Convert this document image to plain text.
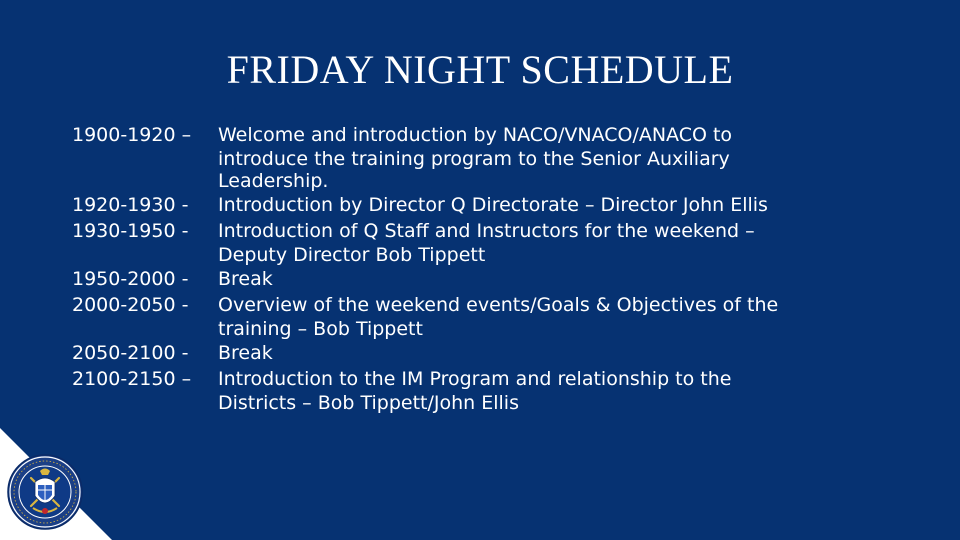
FRIDAY NIGHT SCHEDULE
1900-1920 –	Welcome and introduction by NACO/VNACO/ANACO to
introduce the training program to the Senior Auxiliary
Leadership.
1920-1930 -	Introduction by Director Q Directorate – Director John Ellis
1930-1950 -	Introduction of Q Staff and Instructors for the weekend –
Deputy Director Bob Tippett
1950-2000 -	Break
2000-2050 -	Overview of the weekend events/Goals & Objectives of the
training – Bob Tippett
2050-2100 -	Break
2100-2150 –	Introduction to the IM Program and relationship to the
Districts – Bob Tippett/John Ellis
